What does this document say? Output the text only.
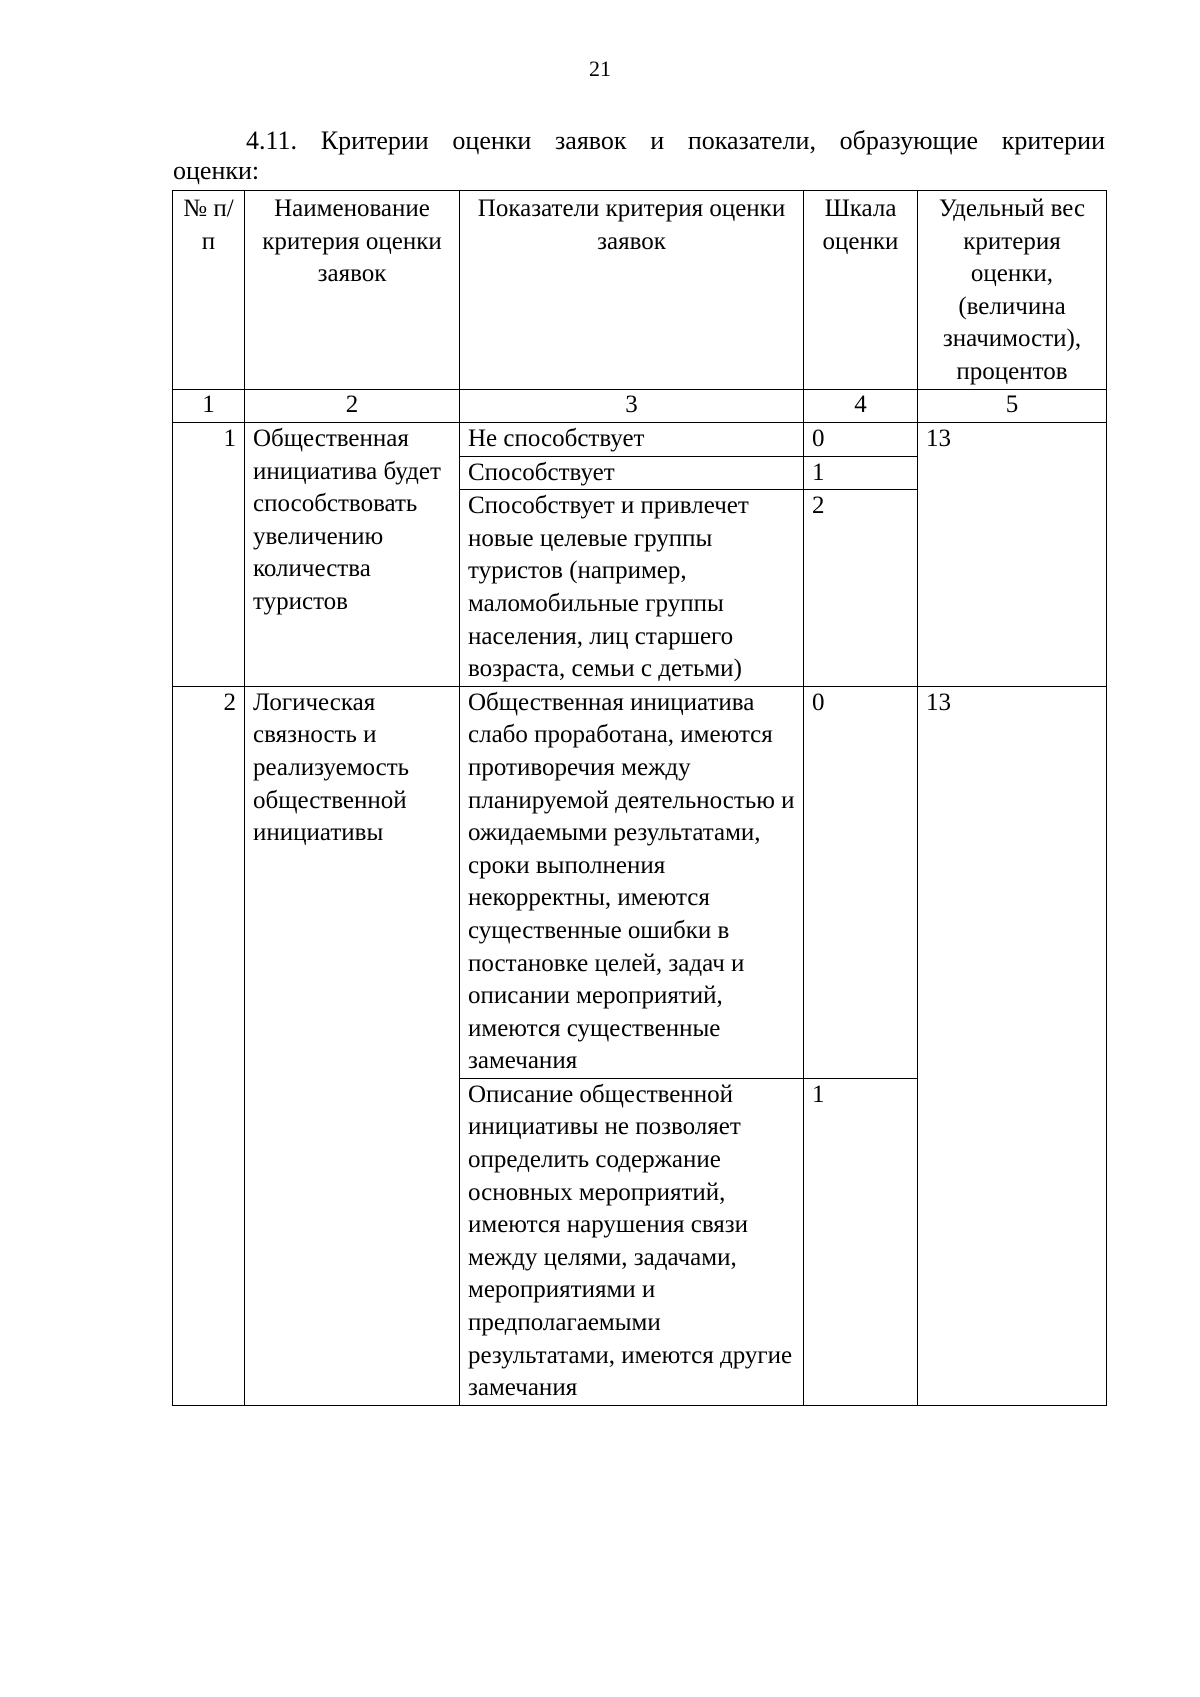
21
4.11. Критерии оценки заявок и показатели, образующие критерии
оценки:
№ п/п	Наименование критерия оценки заявок	Показатели критерия оценки заявок	Шкала оценки	Удельный вес критерия оценки, (величина значимости), процентов
1	2	3	4	5
1	Общественная инициатива будет способствовать увеличению количества туристов	Не способствует	0	13
		Способствует	1	
		Способствует и привлечет новые целевые группы туристов (например, маломобильные группы населения, лиц старшего возраста, семьи с детьми)	2	
2	Логическая связность и реализуемость общественной инициативы	Общественная инициатива слабо проработана, имеются противоречия между планируемой деятельностью и ожидаемыми результатами, сроки выполнения некорректны, имеются существенные ошибки в постановке целей, задач и описании мероприятий, имеются существенные замечания	0	13
		Описание общественной инициативы не позволяет определить содержание основных мероприятий, имеются нарушения связи между целями, задачами, мероприятиями и предполагаемыми результатами, имеются другие замечания	1	
